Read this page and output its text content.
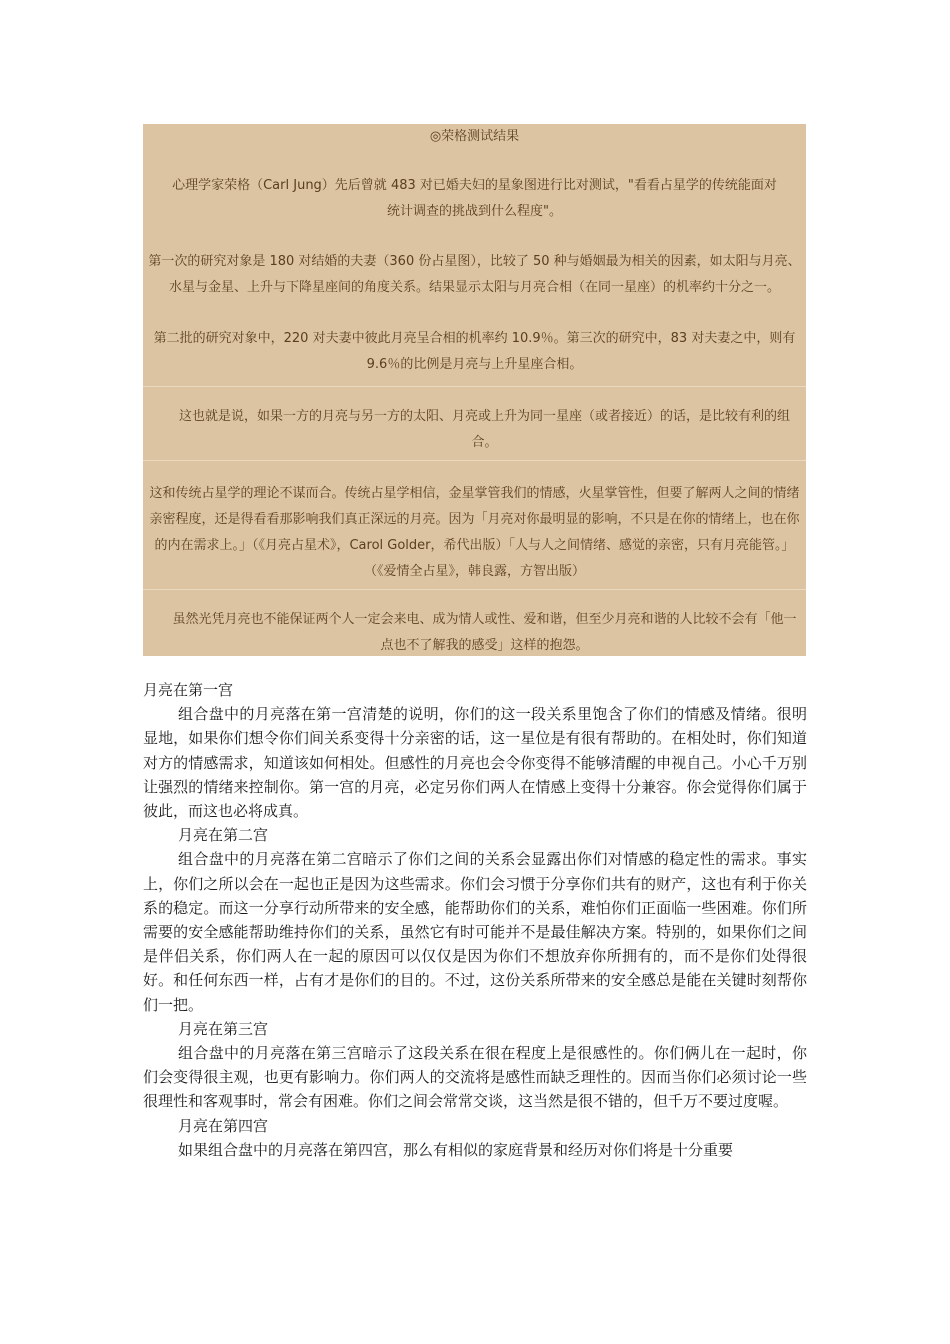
◎荣格测试结果

心理学家荣格（Carl Jung）先后曾就 483 对已婚夫妇的星象图进行比对测试，"看看占星学的传统能面对统计调查的挑战到什么程度"。

第一次的研究对象是 180 对结婚的夫妻（360 份占星图），比较了 50 种与婚姻最为相关的因素，如太阳与月亮、水星与金星、上升与下降星座间的角度关系。结果显示太阳与月亮合相（在同一星座）的机率约十分之一。

第二批的研究对象中，220 对夫妻中彼此月亮呈合相的机率约 10.9％。第三次的研究中，83 对夫妻之中，则有 9.6％的比例是月亮与上升星座合相。

这也就是说，如果一方的月亮与另一方的太阳、月亮或上升为同一星座（或者接近）的话，是比较有利的组合。

这和传统占星学的理论不谋而合。传统占星学相信，金星掌管我们的情感，火星掌管性，但要了解两人之间的情绪亲密程度，还是得看看那影响我们真正深远的月亮。因为「月亮对你最明显的影响，不只是在你的情绪上，也在你的内在需求上。」（《月亮占星术》，Carol Golder，希代出版）「人与人之间情绪、感觉的亲密，只有月亮能管。」（《爱情全占星》，韩良露，方智出版）

虽然光凭月亮也不能保证两个人一定会来电、成为情人或性、爱和谐，但至少月亮和谐的人比较不会有「他一点也不了解我的感受」这样的抱怨。

月亮在第一宫

组合盘中的月亮落在第一宫清楚的说明，你们的这一段关系里饱含了你们的情感及情绪。很明显地，如果你们想令你们间关系变得十分亲密的话，这一星位是有很有帮助的。在相处时，你们知道对方的情感需求，知道该如何相处。但感性的月亮也会令你变得不能够清醒的申视自己。小心千万别让强烈的情绪来控制你。第一宫的月亮，必定另你们两人在情感上变得十分兼容。你会觉得你们属于彼此，而这也必将成真。

月亮在第二宫

组合盘中的月亮落在第二宫暗示了你们之间的关系会显露出你们对情感的稳定性的需求。事实上，你们之所以会在一起也正是因为这些需求。你们会习惯于分享你们共有的财产，这也有利于你关系的稳定。而这一分享行动所带来的安全感，能帮助你们的关系，难怕你们正面临一些困难。你们所需要的安全感能帮助维持你们的关系，虽然它有时可能并不是最佳解决方案。特别的，如果你们之间是伴侣关系，你们两人在一起的原因可以仅仅是因为你们不想放弃你所拥有的，而不是你们处得很好。和任何东西一样，占有才是你们的目的。不过，这份关系所带来的安全感总是能在关键时刻帮你们一把。

月亮在第三宫

组合盘中的月亮落在第三宫暗示了这段关系在很在程度上是很感性的。你们俩儿在一起时，你们会变得很主观，也更有影响力。你们两人的交流将是感性而缺乏理性的。因而当你们必须讨论一些很理性和客观事时，常会有困难。你们之间会常常交谈，这当然是很不错的，但千万不要过度喔。

月亮在第四宫

如果组合盘中的月亮落在第四宫，那么有相似的家庭背景和经历对你们将是十分重要
